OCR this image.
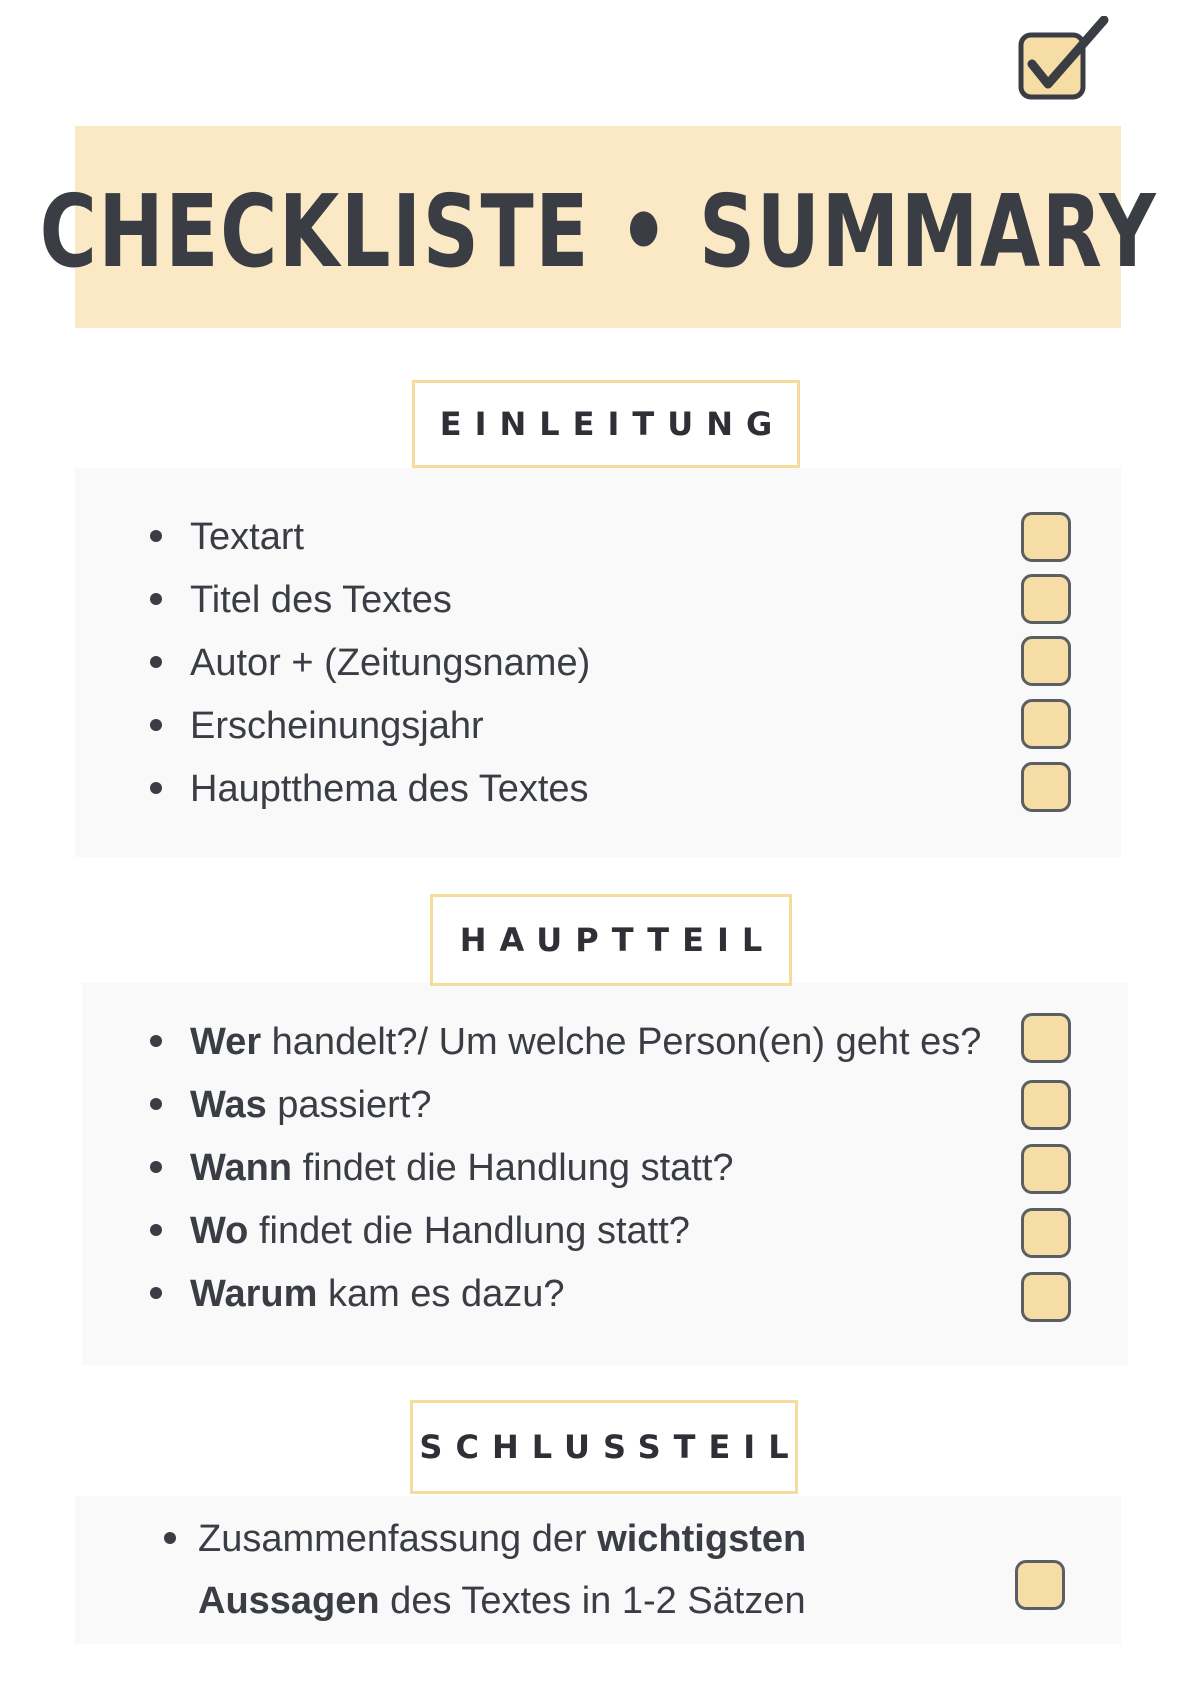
CHECKLISTE • SUMMARY
EINLEITUNG
Textart
Titel des Textes
Autor + (Zeitungsname)
Erscheinungsjahr
Hauptthema des Textes
HAUPTTEIL
Wer handelt?/ Um welche Person(en) geht es?
Was passiert?
Wann findet die Handlung statt?
Wo findet die Handlung statt?
Warum kam es dazu?
SCHLUSSTEIL
Zusammenfassung der wichtigsten
Aussagen des Textes in 1-2 Sätzen
